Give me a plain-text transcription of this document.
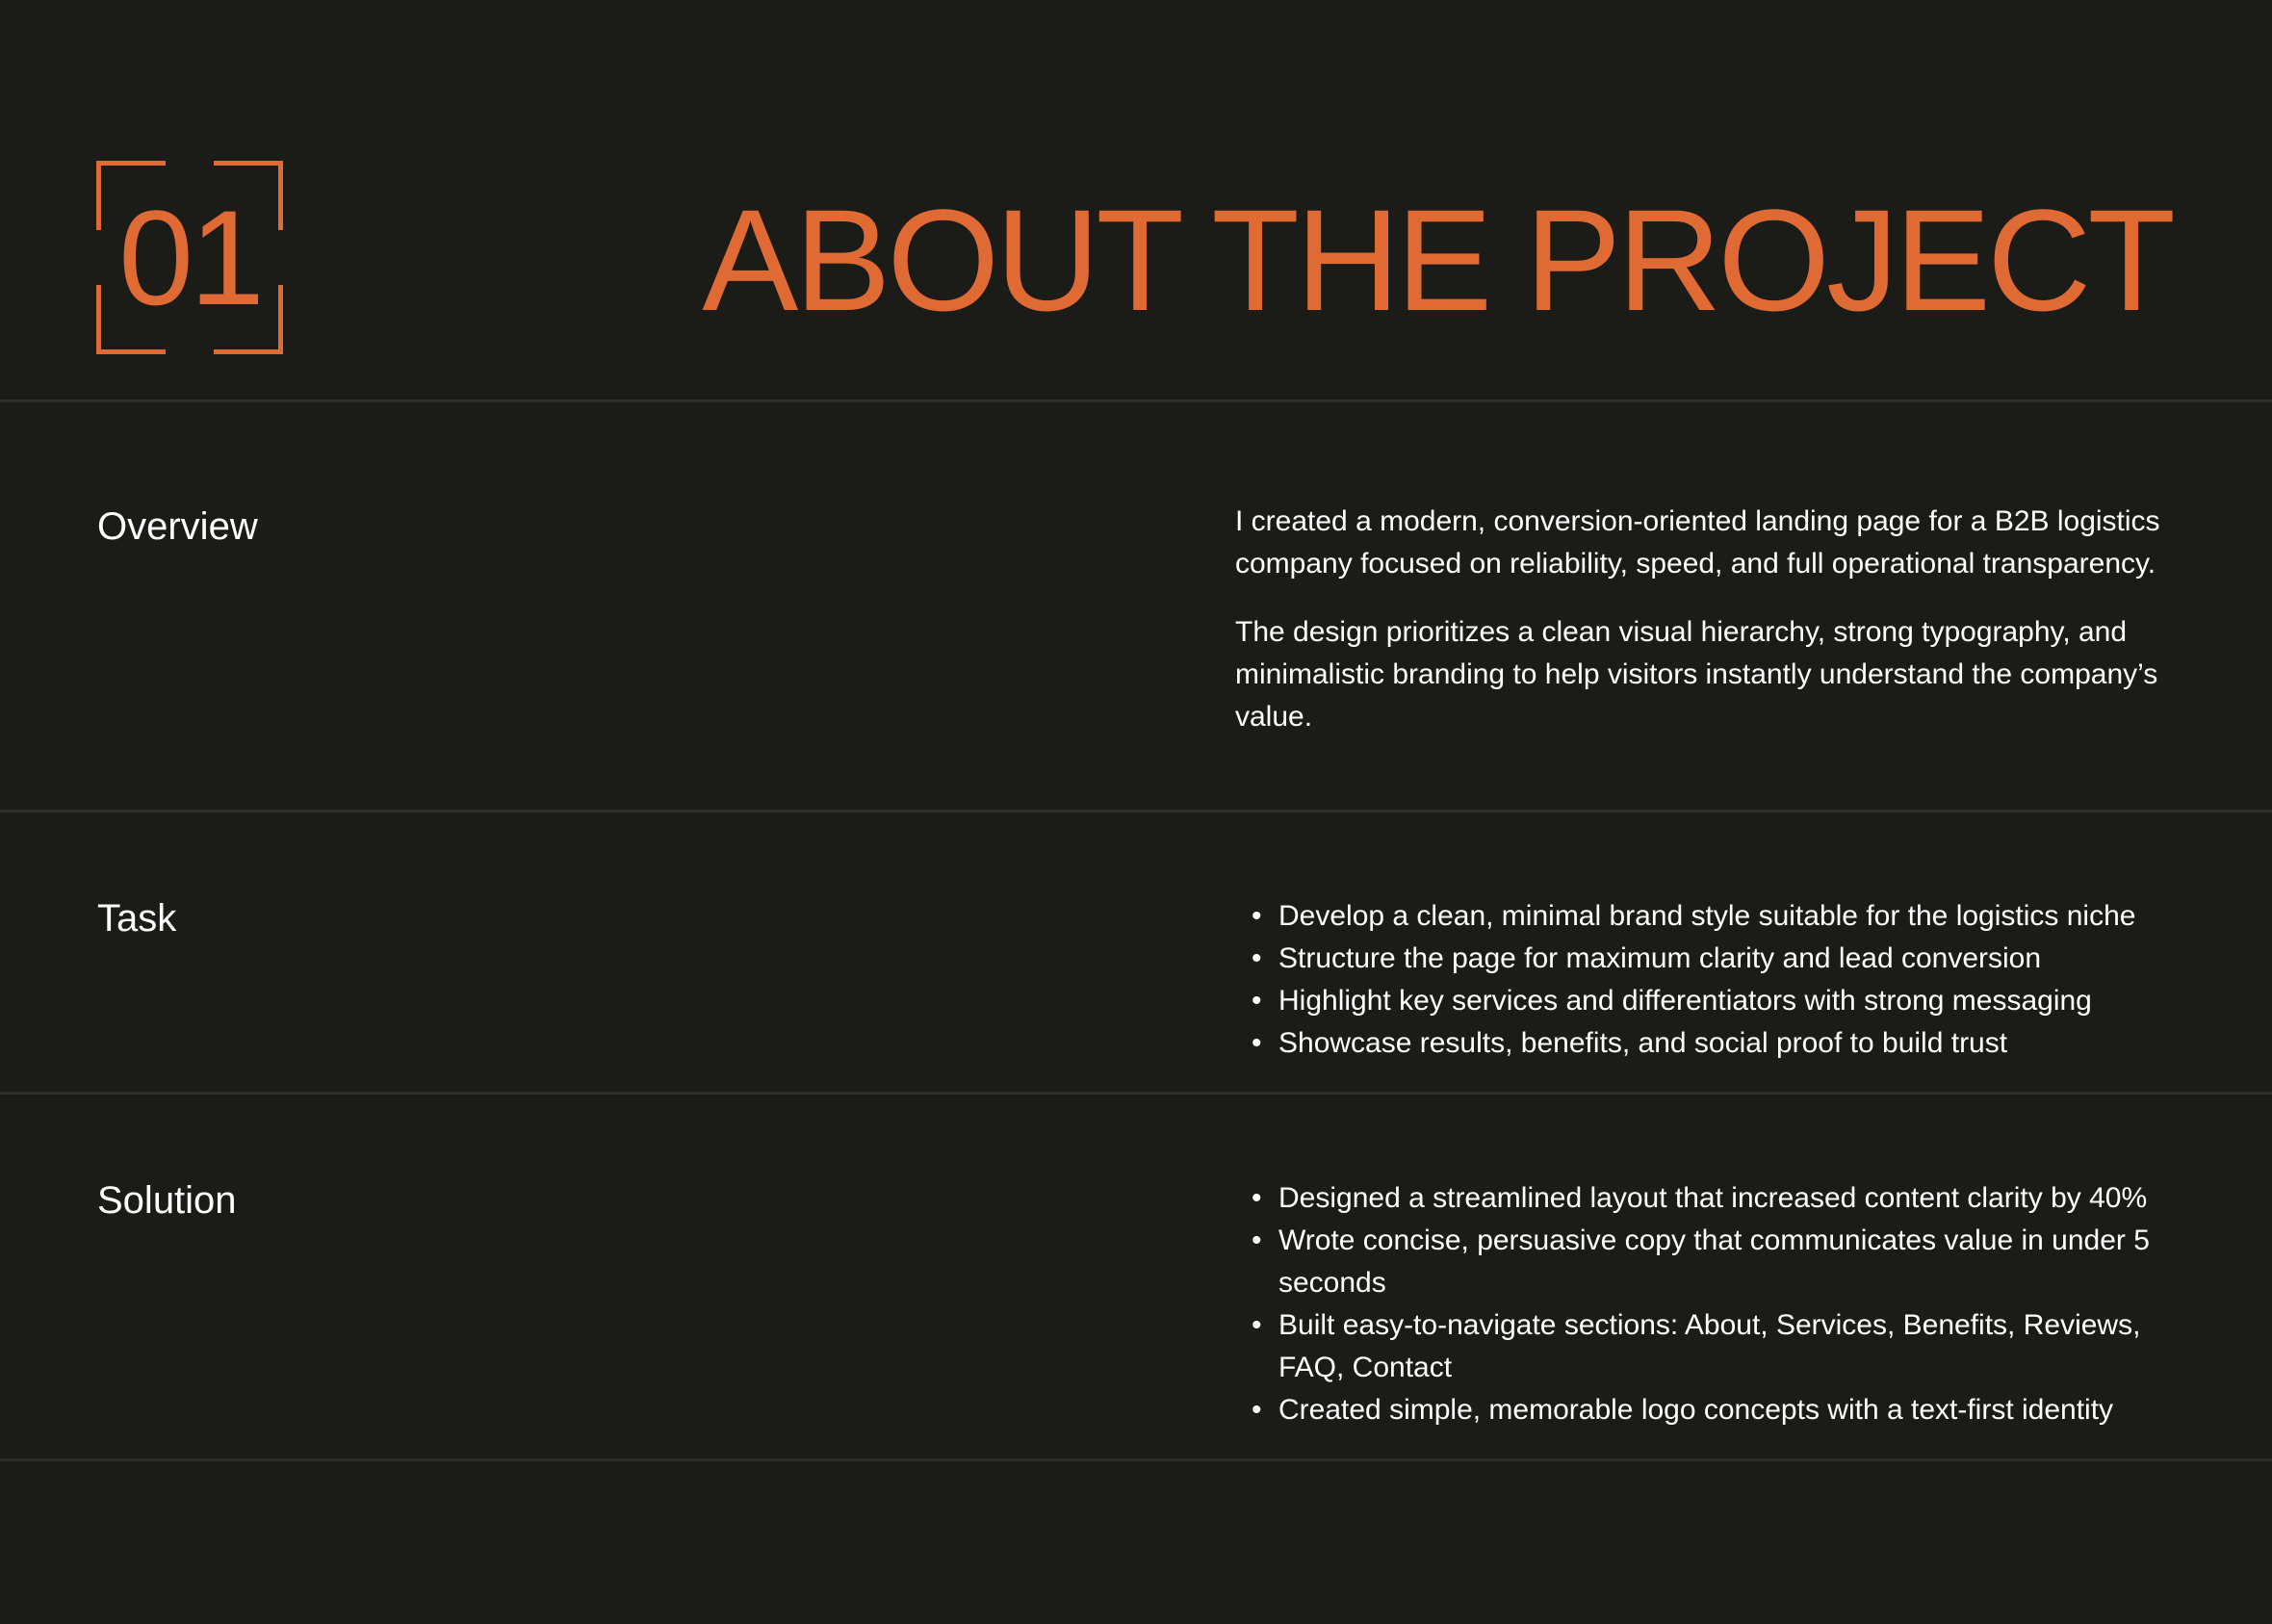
01	ABOUT THE PROJECT
Overview	I created a modern, conversion-oriented landing page for a B2B logistics company focused on reliability, speed, and full operational transparency.

The design prioritizes a clean visual hierarchy, strong typography, and minimalistic branding to help visitors instantly understand the company’s value.

Task	• Develop a clean, minimal brand style suitable for the logistics niche
• Structure the page for maximum clarity and lead conversion
• Highlight key services and differentiators with strong messaging
• Showcase results, benefits, and social proof to build trust
Solution	• Designed a streamlined layout that increased content clarity by 40%
• Wrote concise, persuasive copy that communicates value in under 5 seconds
• Built easy-to-navigate sections: About, Services, Benefits, Reviews, FAQ, Contact
• Created simple, memorable logo concepts with a text-first identity
